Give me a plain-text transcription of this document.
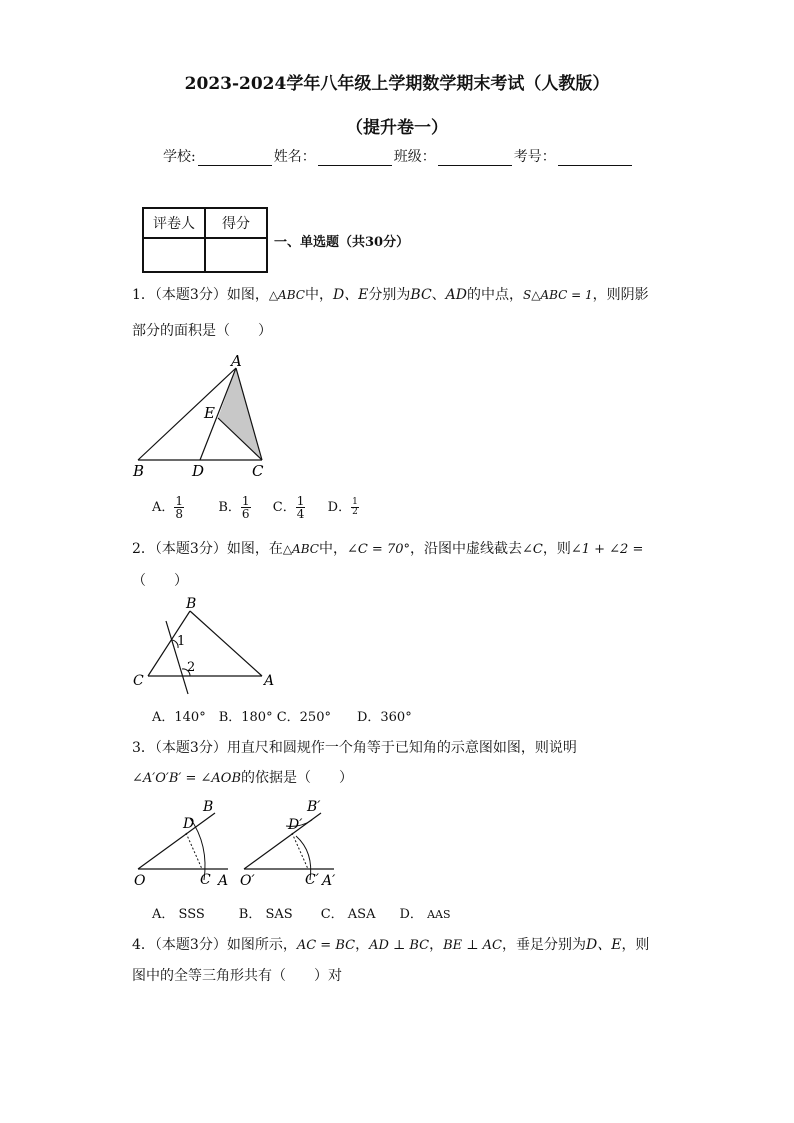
2023-2024学年八年级上学期数学期末考试（人教版）
（提升卷一）
学校:	姓名：	班级：	考号：
评卷人	得分

一、单选题（共30分）
1．（本题3分）如图，△ABC中，D、E分别为BC、AD的中点，S△ABC = 1，则阴影
部分的面积是（　　）
A
E
B	D	C
A． $\frac{1}{8}$	B． $\frac{1}{6}$ C． $\frac{1}{4}$ D． $\frac{1}{2}$
2．（本题3分）如图，在△ABC中，∠C = 70°，沿图中虚线截去∠C，则∠1 + ∠2 =
（　　）
B
C	A
1
2
A．140°　B．180° C．250°　　D．360°
3．（本题3分）用直尺和圆规作一个角等于已知角的示意图如图，则说明
∠A′O′B′ = ∠AOB的依据是（　　）
O	C A
D
B
O′	C′ A′
D′
B′
A． SSS	B． SAS C． ASA D． AAS
4．（本题3分）如图所示，AC = BC，AD ⊥ BC，BE ⊥ AC，垂足分别为D、E，则
图中的全等三角形共有（　　）对
